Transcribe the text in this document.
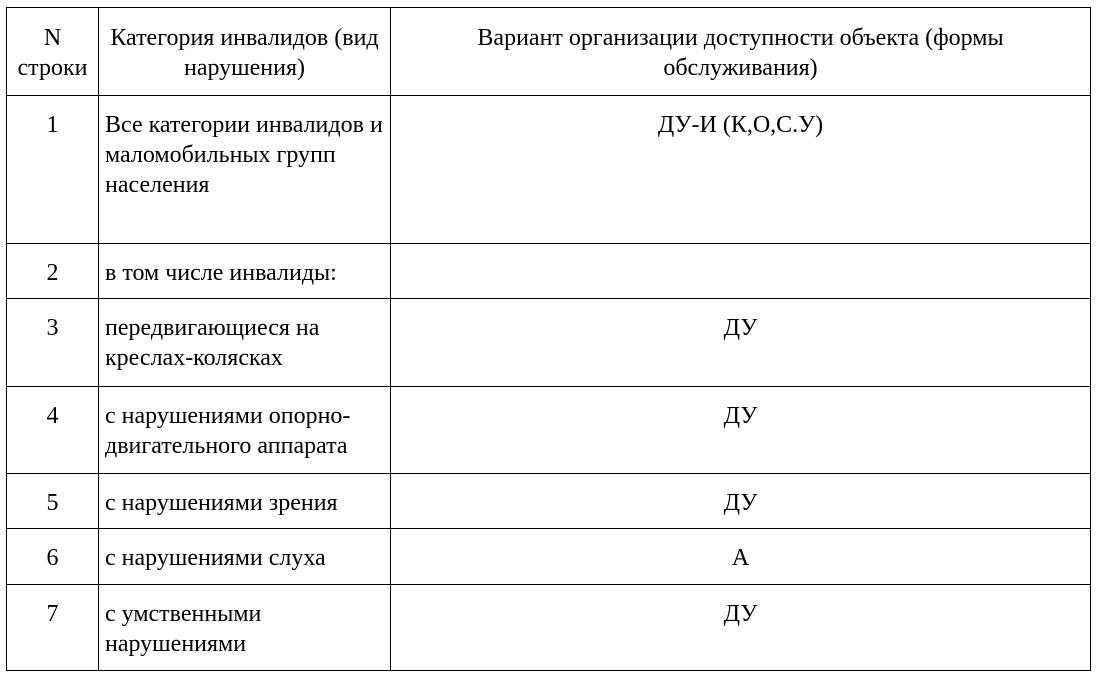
N строки	Категория инвалидов (вид нарушения)	Вариант организации доступности объекта (формы обслуживания)
1	Все категории инвалидов и маломобильных групп населения	ДУ-И (К,О,С.У)
2	в том числе инвалиды:	
3	передвигающиеся на креслах-колясках	ДУ
4	с нарушениями опорно-двигательного аппарата	ДУ
5	с нарушениями зрения	ДУ
6	с нарушениями слуха	А
7	с умственными нарушениями	ДУ
